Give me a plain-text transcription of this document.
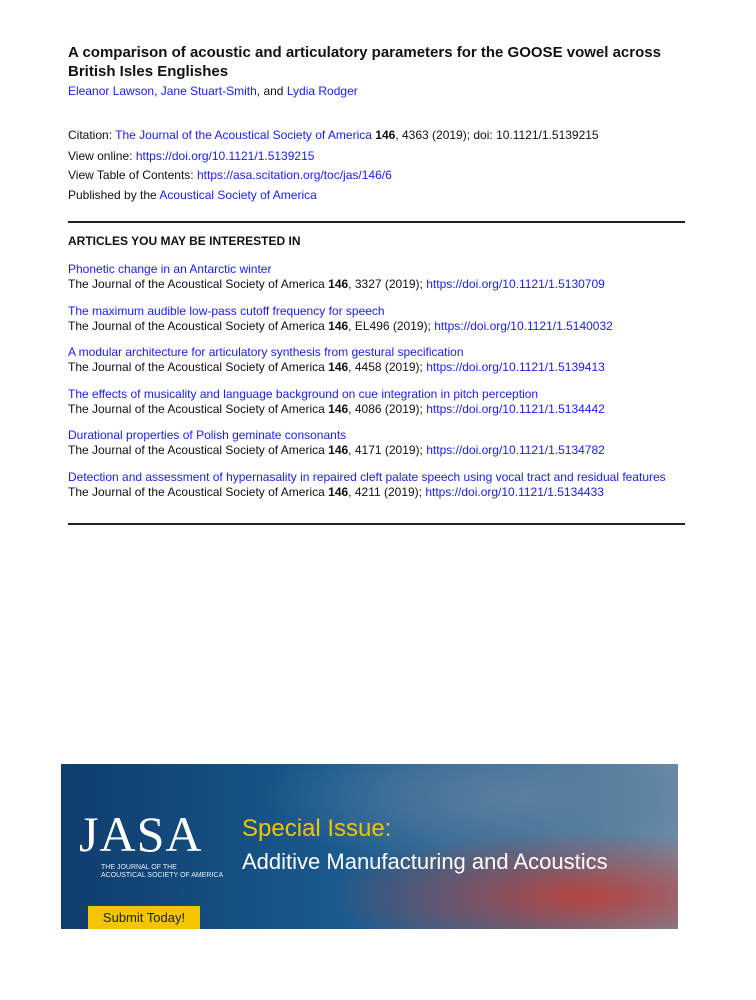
A comparison of acoustic and articulatory parameters for the GOOSE vowel across British Isles Englishes
Eleanor Lawson, Jane Stuart-Smith, and Lydia Rodger
Citation: The Journal of the Acoustical Society of America 146, 4363 (2019); doi: 10.1121/1.5139215
View online: https://doi.org/10.1121/1.5139215
View Table of Contents: https://asa.scitation.org/toc/jas/146/6
Published by the Acoustical Society of America
ARTICLES YOU MAY BE INTERESTED IN
Phonetic change in an Antarctic winter
The Journal of the Acoustical Society of America 146, 3327 (2019); https://doi.org/10.1121/1.5130709
The maximum audible low-pass cutoff frequency for speech
The Journal of the Acoustical Society of America 146, EL496 (2019); https://doi.org/10.1121/1.5140032
A modular architecture for articulatory synthesis from gestural specification
The Journal of the Acoustical Society of America 146, 4458 (2019); https://doi.org/10.1121/1.5139413
The effects of musicality and language background on cue integration in pitch perception
The Journal of the Acoustical Society of America 146, 4086 (2019); https://doi.org/10.1121/1.5134442
Durational properties of Polish geminate consonants
The Journal of the Acoustical Society of America 146, 4171 (2019); https://doi.org/10.1121/1.5134782
Detection and assessment of hypernasality in repaired cleft palate speech using vocal tract and residual features
The Journal of the Acoustical Society of America 146, 4211 (2019); https://doi.org/10.1121/1.5134433
JASA
THE JOURNAL OF THE
ACOUSTICAL SOCIETY OF AMERICA
Special Issue:
Additive Manufacturing and Acoustics
Submit Today!
